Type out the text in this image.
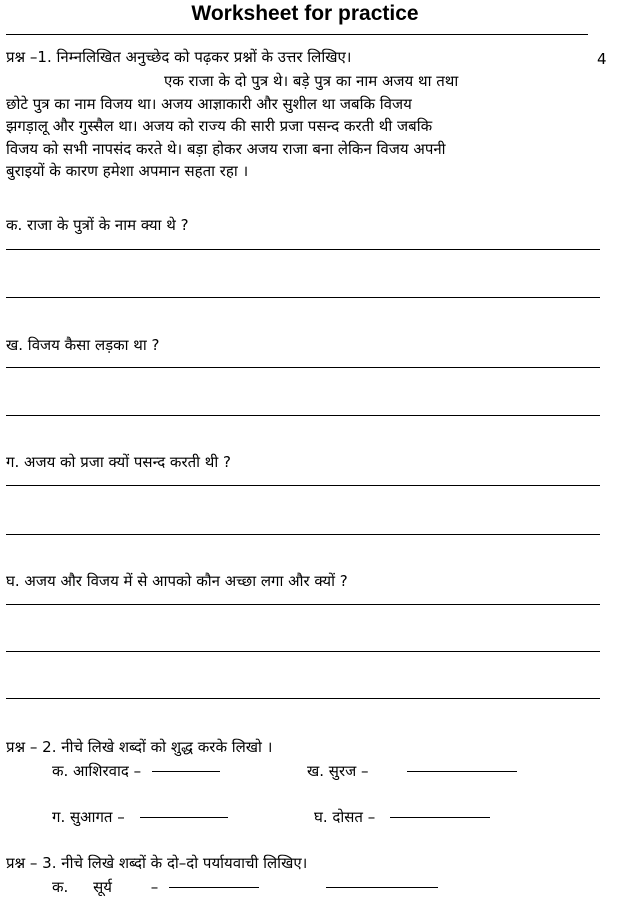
Worksheet for practice
प्रश्न –1. निम्नलिखित अनुच्छेद को पढ़कर प्रश्नों के उत्तर लिखिए।	4
एक राजा के दो पुत्र थे। बड़े पुत्र का नाम अजय था तथा
छोटे पुत्र का नाम विजय था। अजय आज्ञाकारी और सुशील था जबकि विजय
झगड़ालू और गुस्सैल था। अजय को राज्य की सारी प्रजा पसन्द करती थी जबकि
विजय को सभी नापसंद करते थे। बड़ा होकर अजय राजा बना लेकिन विजय अपनी
बुराइयों के कारण हमेशा अपमान सहता रहा ।
क. राजा के पुत्रों के नाम क्या थे ?
ख. विजय कैसा लड़का था ?
ग. अजय को प्रजा क्यों पसन्द करती थी ?
घ. अजय और विजय में से आपको कौन अच्छा लगा और क्यों ?
प्रश्न – 2. नीचे लिखे शब्दों को शुद्ध करके लिखो ।
क. आशिरवाद –	ख. सुरज –
ग. सुआगत –	घ. दोसत –
प्रश्न – 3. नीचे लिखे शब्दों के दो–दो पर्यायवाची लिखिए।
क. सूर्य	–
